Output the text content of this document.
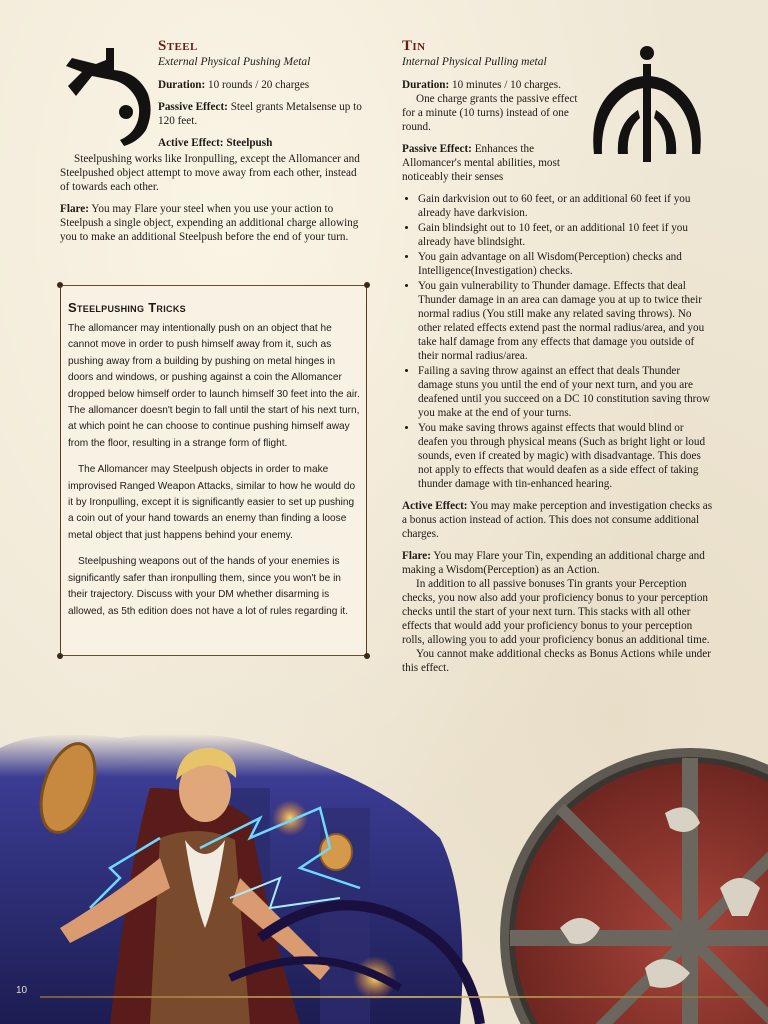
Steel
External Physical Pushing Metal

Duration: 10 rounds / 20 charges

Passive Effect: Steel grants Metalsense up to 120 feet.

Active Effect: Steelpush

Steelpushing works like Ironpulling, except the Allomancer and Steelpushed object attempt to move away from each other, instead of towards each other.

Flare: You may Flare your steel when you use your action to Steelpush a single object, expending an additional charge allowing you to make an additional Steelpush before the end of your turn.

Steelpushing Tricks

The allomancer may intentionally push on an object that he cannot move in order to push himself away from it, such as pushing away from a building by pushing on metal hinges in doors and windows, or pushing against a coin the Allomancer dropped below himself order to launch himself 30 feet into the air. The allomancer doesn't begin to fall until the start of his next turn, at which point he can choose to continue pushing himself away from the floor, resulting in a strange form of flight.

The Allomancer may Steelpush objects in order to make improvised Ranged Weapon Attacks, similar to how he would do it by Ironpulling, except it is significantly easier to set up pushing a coin out of your hand towards an enemy than finding a loose metal object that just happens behind your enemy.

Steelpushing weapons out of the hands of your enemies is significantly safer than ironpulling them, since you won't be in their trajectory. Discuss with your DM whether disarming is allowed, as 5th edition does not have a lot of rules regarding it.

Tin
Internal Physical Pulling metal

Duration: 10 minutes / 10 charges.

One charge grants the passive effect for a minute (10 turns) instead of one round.

Passive Effect: Enhances the Allomancer's mental abilities, most noticeably their senses

• Gain darkvision out to 60 feet, or an additional 60 feet if you already have darkvision.
• Gain blindsight out to 10 feet, or an additional 10 feet if you already have blindsight.
• You gain advantage on all Wisdom(Perception) checks and Intelligence(Investigation) checks.
• You gain vulnerability to Thunder damage. Effects that deal Thunder damage in an area can damage you at up to twice their normal radius (You still make any related saving throws). No other related effects extend past the normal radius/area, and you take half damage from any effects that damage you outside of their normal radius/area.
• Failing a saving throw against an effect that deals Thunder damage stuns you until the end of your next turn, and you are deafened until you succeed on a DC 10 constitution saving throw you make at the end of your turns.
• You make saving throws against effects that would blind or deafen you through physical means (Such as bright light or loud sounds, even if created by magic) with disadvantage. This does not apply to effects that would deafen as a side effect of taking thunder damage with tin-enhanced hearing.

Active Effect: You may make perception and investigation checks as a bonus action instead of action. This does not consume additional charges.

Flare: You may Flare your Tin, expending an additional charge and making a Wisdom(Perception) as an Action.

In addition to all passive bonuses Tin grants your Perception checks, you now also add your proficiency bonus to your perception checks until the start of your next turn. This stacks with all other effects that would add your proficiency bonus to your perception rolls, allowing you to add your proficiency bonus an additional time.

You cannot make additional checks as Bonus Actions while under this effect.

10
